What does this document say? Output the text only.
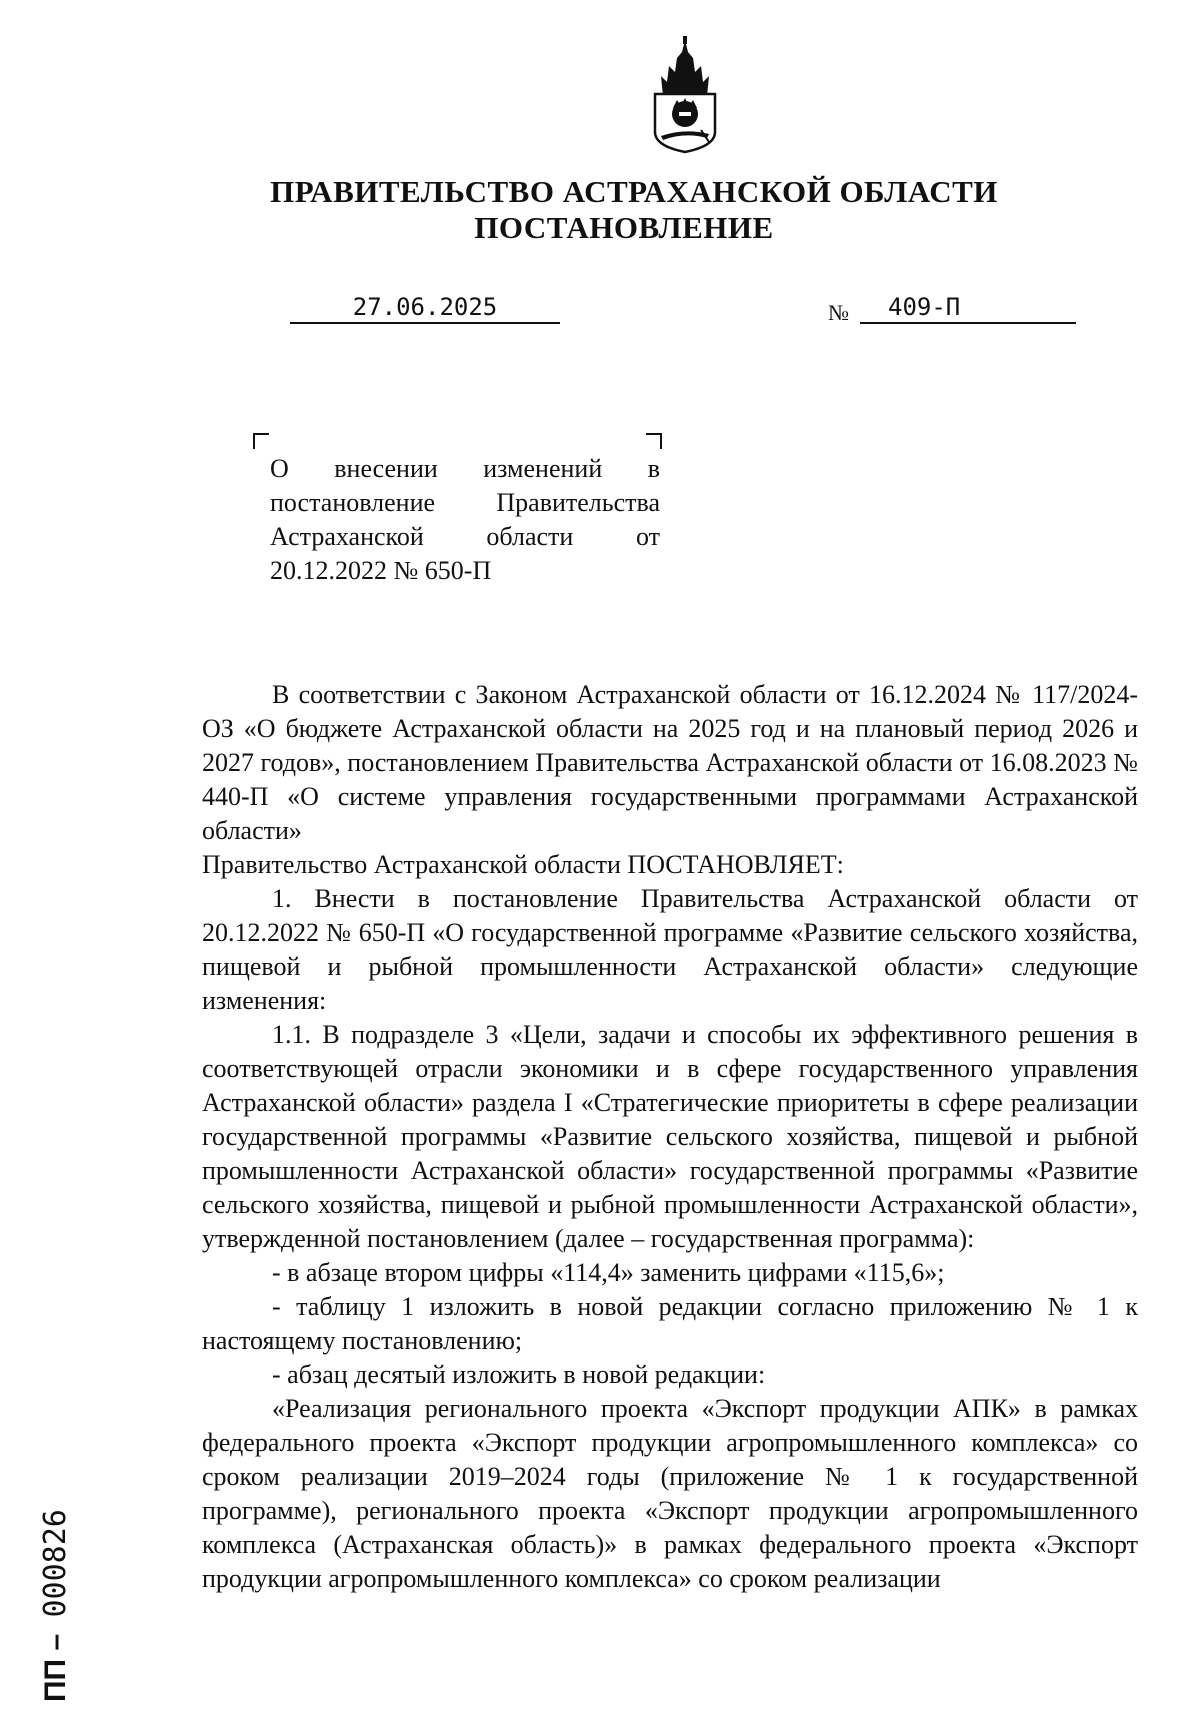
ПРАВИТЕЛЬСТВО АСТРАХАНСКОЙ ОБЛАСТИ
ПОСТАНОВЛЕНИЕ
27.06.2025	№	409-П
О внесении изменений в постановление Правительства Астраханской области от 20.12.2022 № 650-П

В соответствии с Законом Астраханской области от 16.12.2024 № 117/2024-ОЗ «О бюджете Астраханской области на 2025 год и на плановый период 2026 и 2027 годов», постановлением Правительства Астраханской области от 16.08.2023 № 440-П «О системе управления государственными программами Астраханской области»

Правительство Астраханской области ПОСТАНОВЛЯЕТ:

1. Внести в постановление Правительства Астраханской области от 20.12.2022 № 650-П «О государственной программе «Развитие сельского хозяйства, пищевой и рыбной промышленности Астраханской области» следующие изменения:

1.1. В подразделе 3 «Цели, задачи и способы их эффективного решения в соответствующей отрасли экономики и в сфере государственного управления Астраханской области» раздела I «Стратегические приоритеты в сфере реализации государственной программы «Развитие сельского хозяйства, пищевой и рыбной промышленности Астраханской области» государственной программы «Развитие сельского хозяйства, пищевой и рыбной промышленности Астраханской области», утвержденной постановлением (далее – государственная программа):

- в абзаце втором цифры «114,4» заменить цифрами «115,6»;

- таблицу 1 изложить в новой редакции согласно приложению № 1 к настоящему постановлению;

- абзац десятый изложить в новой редакции:

«Реализация регионального проекта «Экспорт продукции АПК» в рамках федерального проекта «Экспорт продукции агропромышленного комплекса» со сроком реализации 2019–2024 годы (приложение № 1 к государственной программе), регионального проекта «Экспорт продукции агропромышленного комплекса (Астраханская область)» в рамках федерального проекта «Экспорт продукции агропромышленного комплекса» со сроком реализации

ПП – 000826
